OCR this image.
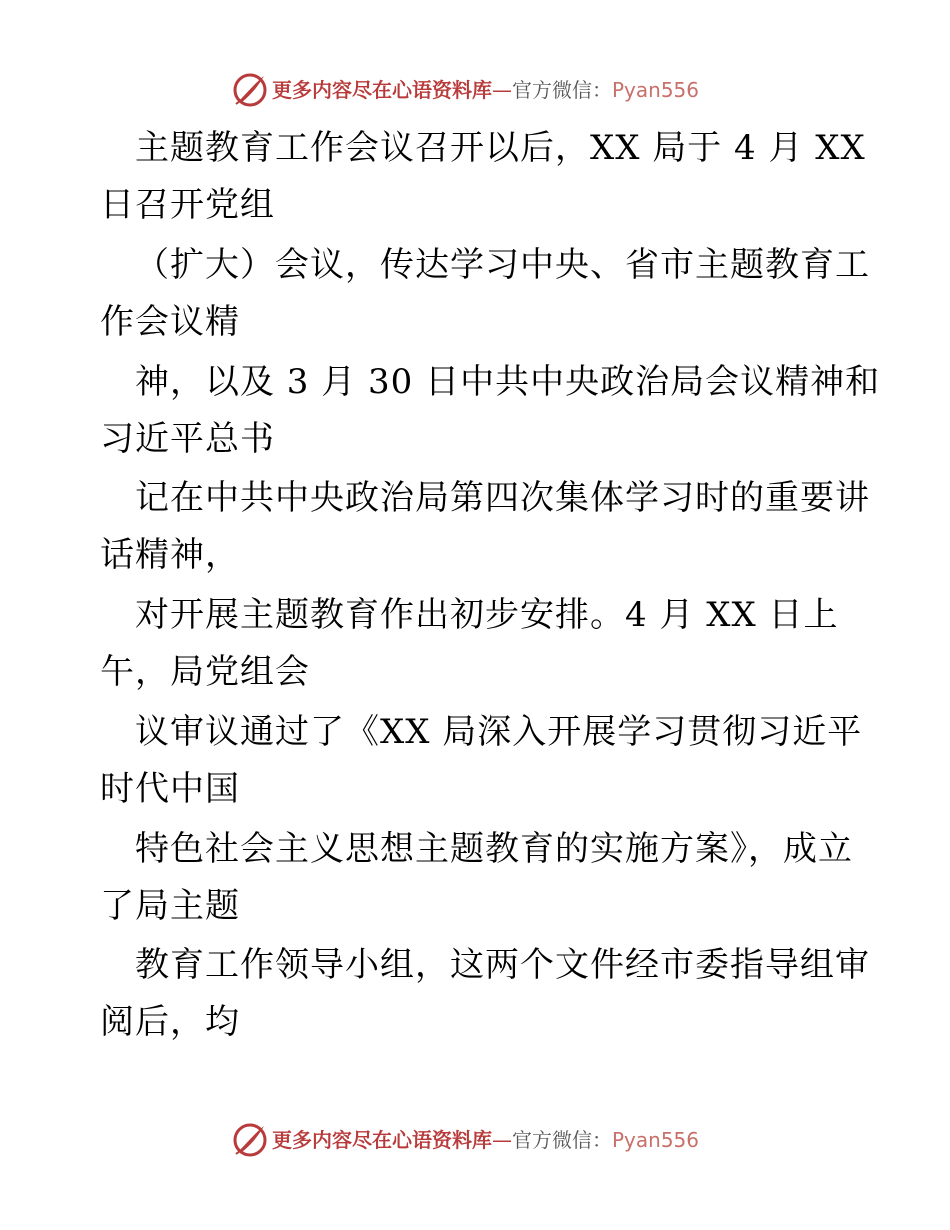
更多内容尽在心语资料库 — 官方微信： Pyan556
主题教育工作会议召开以后，XX 局于 4 月 XX
日召开党组
（扩大）会议，传达学习中央、省市主题教育工
作会议精
神，以及 3 月 30 日中共中央政治局会议精神和
习近平总书
记在中共中央政治局第四次集体学习时的重要讲
话精神，
对开展主题教育作出初步安排。4 月 XX 日上
午，局党组会
议审议通过了《XX 局深入开展学习贯彻习近平
时代中国
特色社会主义思想主题教育的实施方案》，成立
了局主题
教育工作领导小组，这两个文件经市委指导组审
阅后，均
更多内容尽在心语资料库 — 官方微信： Pyan556
